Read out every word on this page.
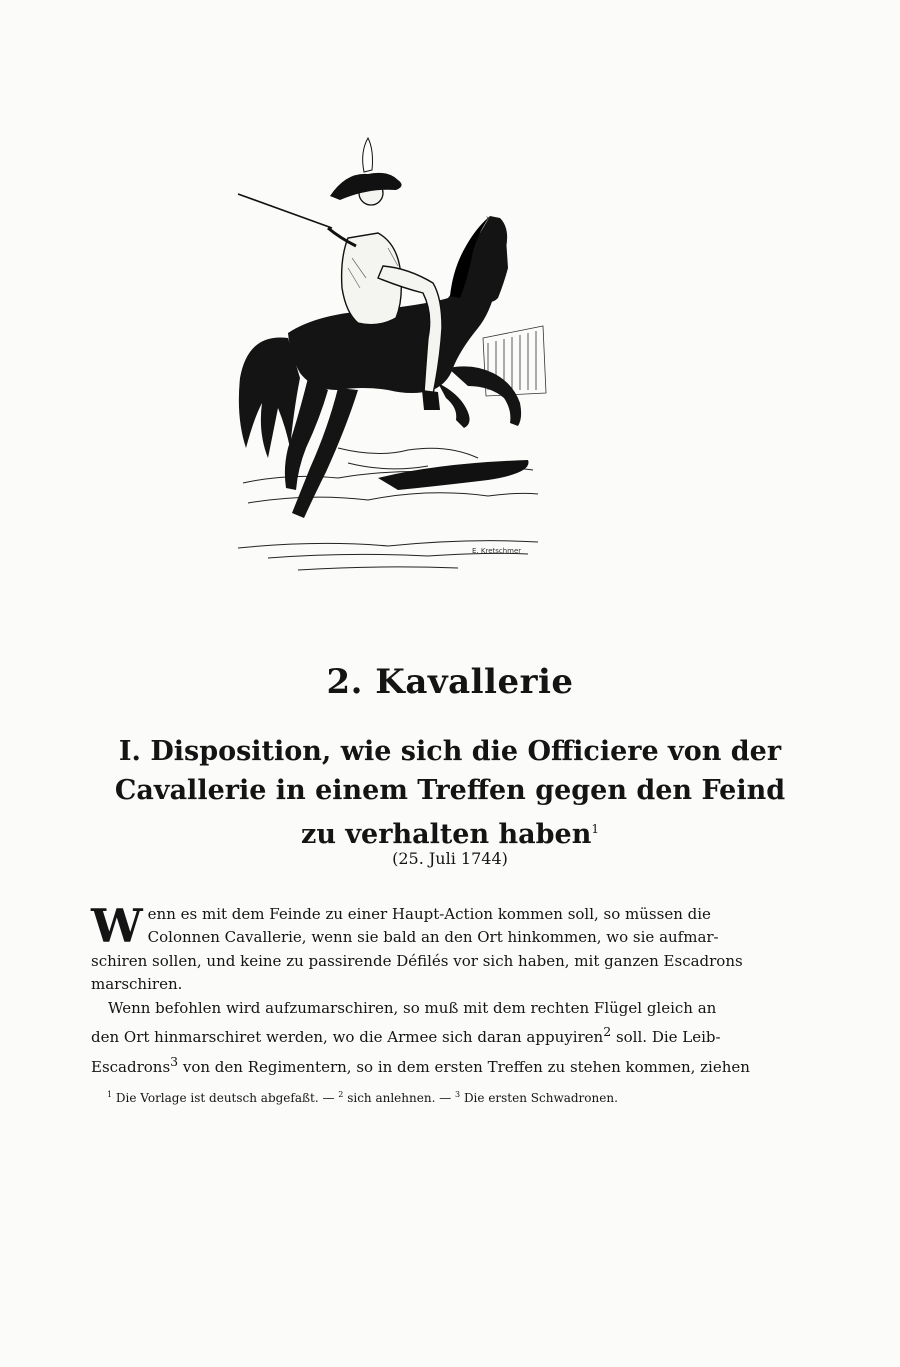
E. Kretschmer
2. Kavallerie
I. Disposition, wie sich die Officiere von der
Cavallerie in einem Treffen gegen den Feind
zu verhalten haben$^1$

(25. Juli 1744)

W enn es mit dem Feinde zu einer Haupt-Action kommen soll, so müssen die
Colonnen Cavallerie, wenn sie bald an den Ort hinkommen, wo sie aufmar-
schiren sollen, und keine zu passirende Défilés vor sich haben, mit ganzen Escadrons
marschiren.

Wenn befohlen wird aufzumarschiren, so muß mit dem rechten Flügel gleich an
den Ort hinmarschiret werden, wo die Armee sich daran appuyiren$^2$ soll. Die Leib-
Escadrons$^3$ von den Regimentern, so in dem ersten Treffen zu stehen kommen, ziehen

$^1$ Die Vorlage ist deutsch abgefaßt. — $^2$ sich anlehnen. — $^3$ Die ersten Schwadronen.
